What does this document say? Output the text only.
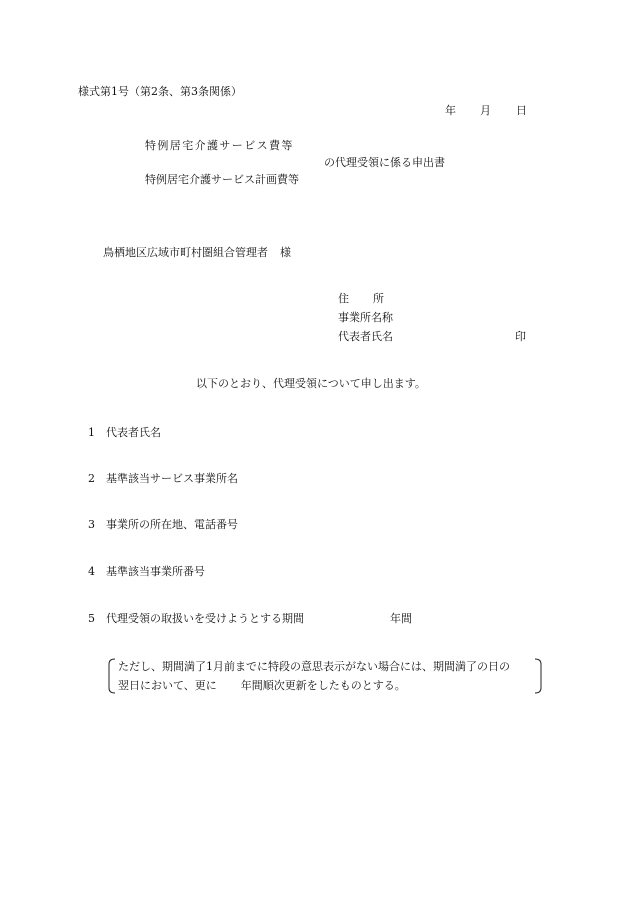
様式第1号（第2条、第3条関係）
年 月 日
特例居宅介護サービス費等
の代理受領に係る申出書
特例居宅介護サービス計画費等
鳥栖地区広域市町村圏組合管理者 様
住 所
事業所名称
代表者氏名	印
以下のとおり、代理受領について申し出ます。
1 代表者氏名
2 基準該当サービス事業所名
3 事業所の所在地、電話番号
4 基準該当事業所番号
5 代理受領の取扱いを受けようとする期間	年間
ただし、期間満了1月前までに特段の意思表示がない場合には、期間満了の日の
翌日において、更に 年間順次更新をしたものとする。
